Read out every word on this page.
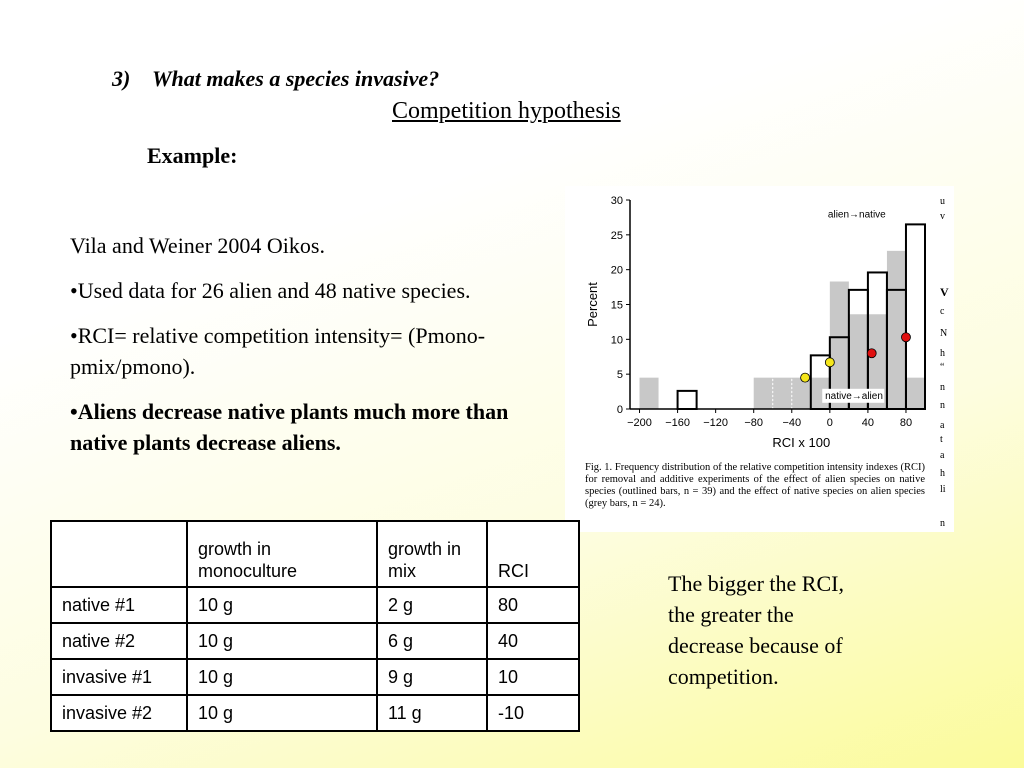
3) What makes a species invasive?
Competition hypothesis
Example:

Vila and Weiner 2004 Oikos.

•Used data for 26 alien and 48 native species.

•RCI= relative competition intensity= (Pmono-pmix/pmono).

•Aliens decrease native plants much more than native plants decrease aliens.

0
5
10
15
20
25
30
−200 −160 −120 −80 −40 0	40 80
RCI x 100
Percent
alien→native
native→alien
Fig. 1. Frequency distribution of the relative competition intensity indexes (RCI) for removal and additive experiments of the effect of alien species on native species (outlined bars, n = 39) and the effect of native species on alien species (grey bars, n = 24).
u
v
V
c
N
h
“
n
n
a
t
a
h
li
n
	growth in monoculture	growth in mix	RCI
native #1	10 g	2 g	80
native #2	10 g	6 g	40
invasive #1	10 g	9 g	10
invasive #2	10 g	11 g	-10
The bigger the RCI, the greater the decrease because of competition.
